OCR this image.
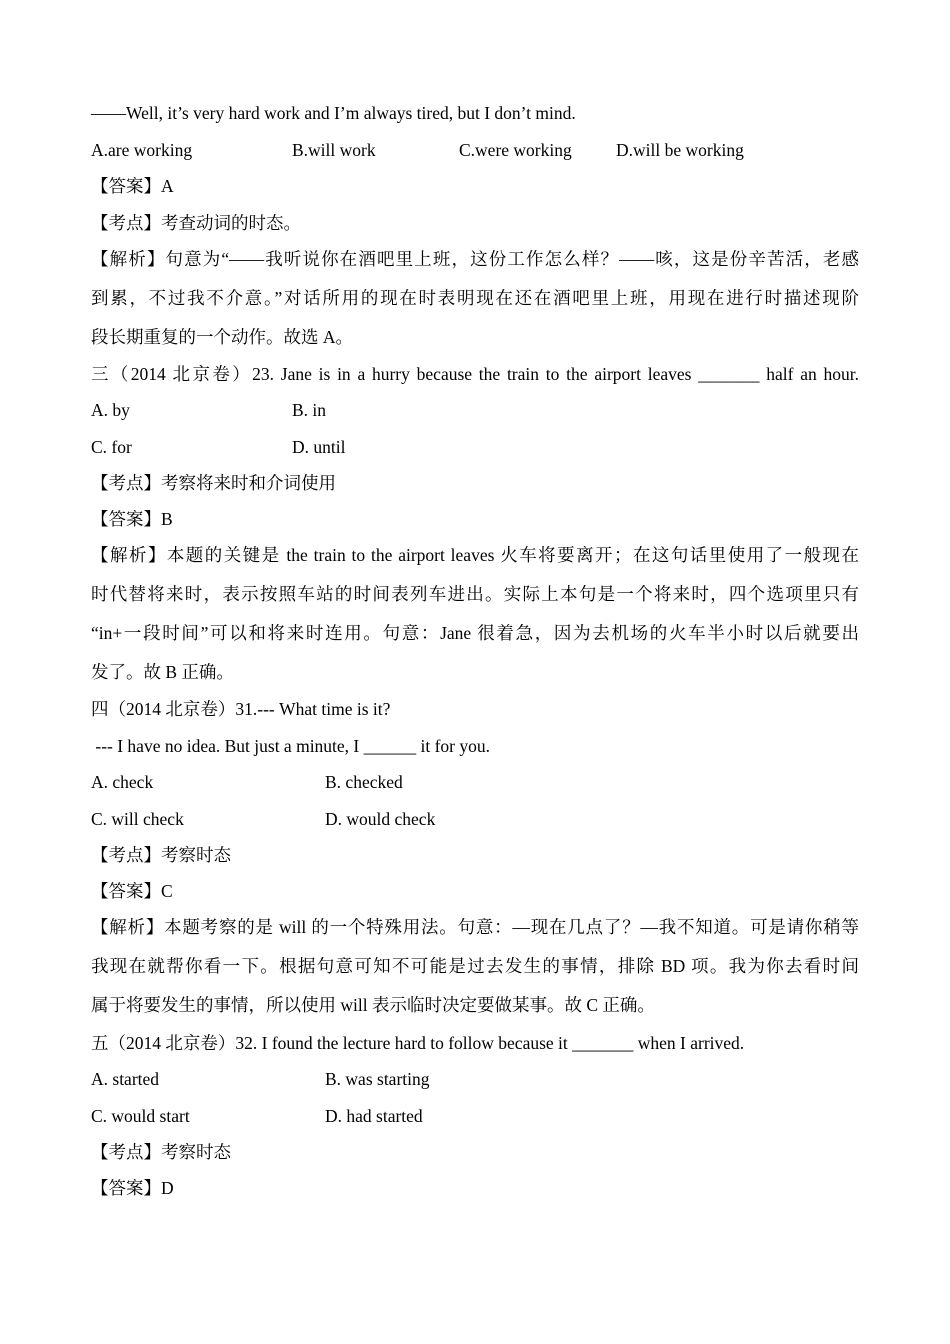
——Well, it’s very hard work and I’m always tired, but I don’t mind.
A.are working	B.will work	C.were working	D.will be working
【答案】A
【考点】考查动词的时态。
【解析】句意为“——我听说你在酒吧里上班，这份工作怎么样？——咳，这是份辛苦活，老感
到累，不过我不介意。”对话所用的现在时表明现在还在酒吧里上班，用现在进行时描述现阶
段长期重复的一个动作。故选 A。
三（2014 北京卷）23. Jane is in a hurry because the train to the airport leaves _______ half an hour.
A. by	B. in
C. for	D. until
【考点】考察将来时和介词使用
【答案】B
【解析】本题的关键是 the train to the airport leaves 火车将要离开；在这句话里使用了一般现在
时代替将来时，表示按照车站的时间表列车进出。实际上本句是一个将来时，四个选项里只有
“in+一段时间”可以和将来时连用。句意：Jane 很着急，因为去机场的火车半小时以后就要出
发了。故 B 正确。
四（2014 北京卷）31.--- What time is it?
--- I have no idea. But just a minute, I ______ it for you.
A. check	B. checked
C. will check	D. would check
【考点】考察时态
【答案】C
【解析】本题考察的是 will 的一个特殊用法。句意：—现在几点了？—我不知道。可是请你稍等
我现在就帮你看一下。根据句意可知不可能是过去发生的事情，排除 BD 项。我为你去看时间
属于将要发生的事情，所以使用 will 表示临时决定要做某事。故 C 正确。
五（2014 北京卷）32. I found the lecture hard to follow because it _______ when I arrived.
A. started	B. was starting
C. would start	D. had started
【考点】考察时态
【答案】D
